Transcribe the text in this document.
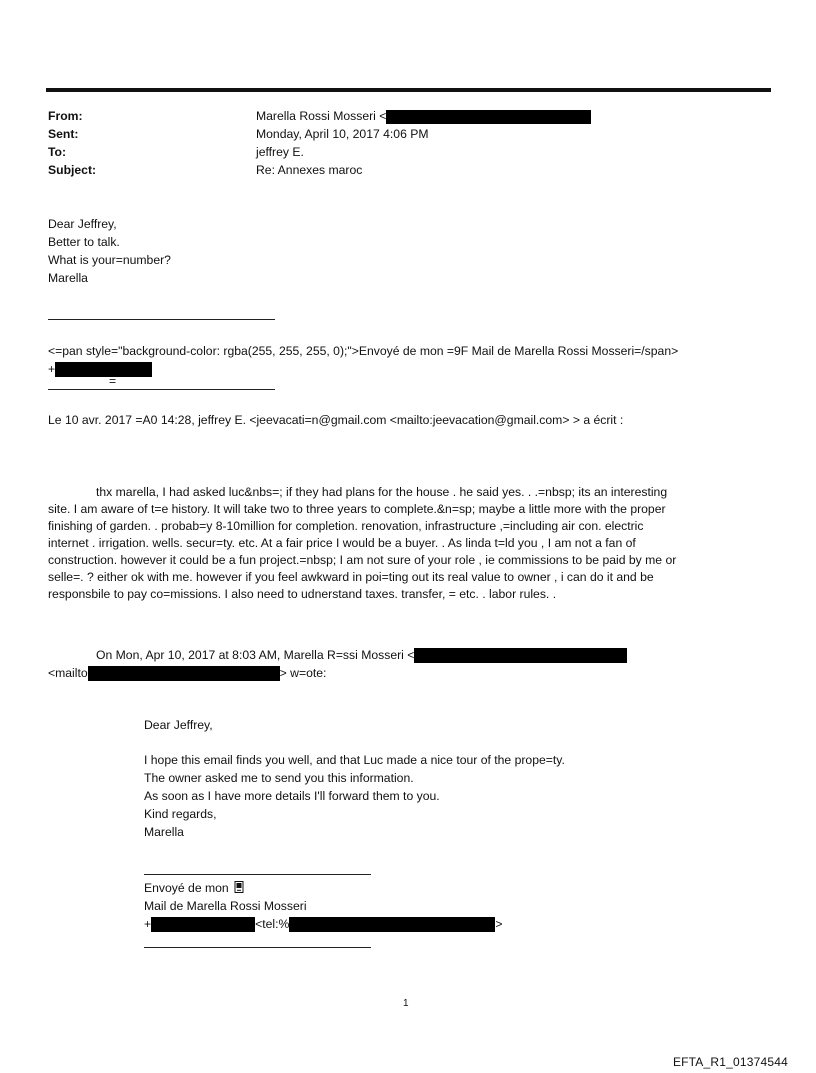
From:	Marella Rossi Mosseri <
Sent:	Monday, April 10, 2017 4:06 PM
To:	jeffrey E.
Subject:	Re: Annexes maroc
Dear Jeffrey,
Better to talk.
What is your=number?
Marella
<=pan style="background-color: rgba(255, 255, 255, 0);">Envoyé de mon =9F Mail de Marella Rossi Mosseri=/span>
+
=
Le 10 avr. 2017 =A0 14:28, jeffrey E. <jeevacati=n@gmail.com <mailto:jeevacation@gmail.com> > a écrit :
thx marella, I had asked luc&nbs=; if they had plans for the house . he said yes. . .=nbsp; its an interesting
site. I am aware of t=e history. It will take two to three years to complete.&n=sp; maybe a little more with the proper
finishing of garden. . probab=y 8-10million for completion. renovation, infrastructure ,=including air con. electric
internet . irrigation. wells. secur=ty. etc. At a fair price I would be a buyer. . As linda t=ld you , I am not a fan of
construction. however it could be a fun project.=nbsp; I am not sure of your role , ie commissions to be paid by me or
selle=. ? either ok with me. however if you feel awkward in poi=ting out its real value to owner , i can do it and be
responsbile to pay co=missions. I also need to udnerstand taxes. transfer, = etc. . labor rules. .
On Mon, Apr 10, 2017 at 8:03 AM, Marella R=ssi Mosseri <
<mailto	> w=ote:
Dear Jeffrey,
I hope this email finds you well, and that Luc made a nice tour of the prope=ty.
The owner asked me to send you this information.
As soon as I have more details I'll forward them to you.
Kind regards,
Marella
Envoyé de mon
Mail de Marella Rossi Mosseri
+	<tel:%	>
1
EFTA_R1_01374544
